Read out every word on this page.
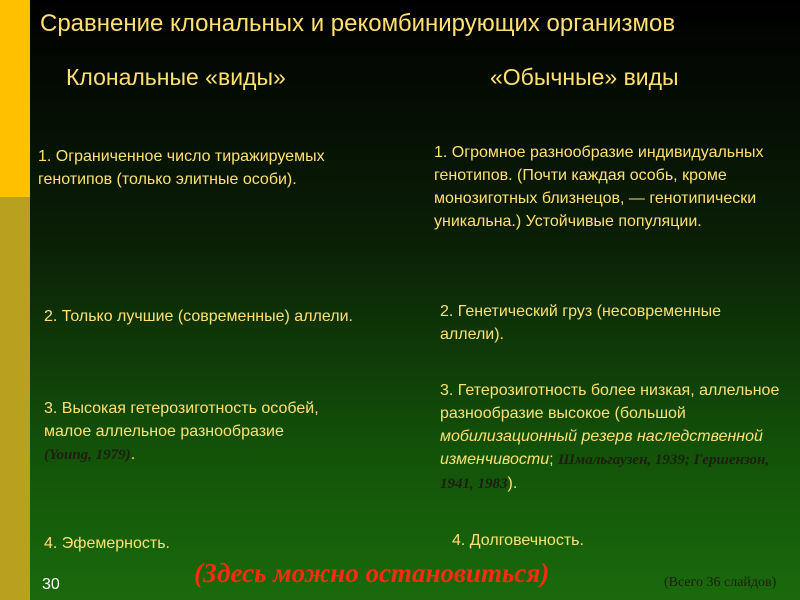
Сравнение клональных и рекомбинирующих организмов
Клональные «виды»	«Обычные» виды
1. Ограниченное число тиражируемых генотипов (только элитные особи).
2. Только лучшие (современные) аллели.
3. Высокая гетерозиготность особей, малое аллельное разнообразие (Young, 1979).
4. Эфемерность.
1. Огромное разнообразие индивидуальных генотипов. (Почти каждая особь, кроме монозиготных близнецов, — генотипически уникальна.) Устойчивые популяции.
2. Генетический груз (несовременные аллели).
3. Гетерозиготность более низкая, аллельное разнообразие высокое (большой мобилизационный резерв наследственной изменчивости; Шмальгаузен, 1939; Гершензон, 1941, 1983).
4. Долговечность.
(Здесь можно остановиться)	(Всего 36 слайдов)
30
